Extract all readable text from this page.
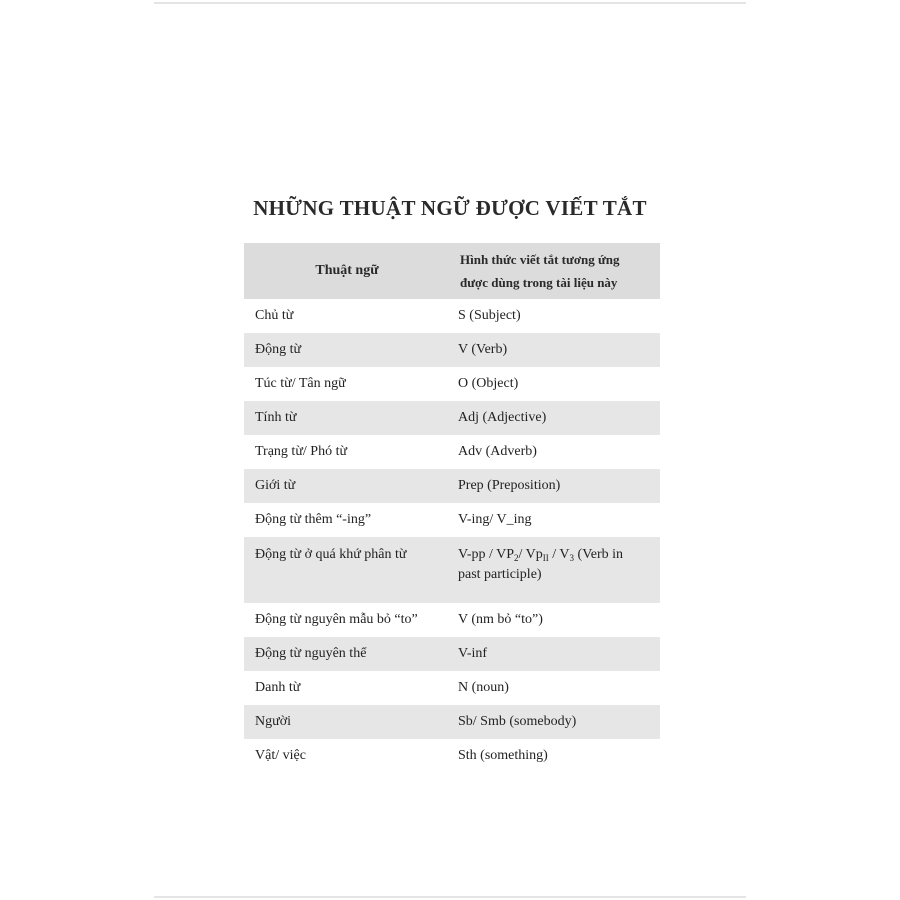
NHỮNG THUẬT NGỮ ĐƯỢC VIẾT TẮT
Thuật ngữ	Hình thức viết tắt tương ứng
được dùng trong tài liệu này
Chủ từ	S (Subject)
Động từ	V (Verb)
Túc từ/ Tân ngữ	O (Object)
Tính từ	Adj (Adjective)
Trạng từ/ Phó từ	Adv (Adverb)
Giới từ	Prep (Preposition)
Động từ thêm “-ing”	V-ing/ V_ing
Động từ ở quá khứ phân từ	$V-pp / VP_2/$ $Vp_{II} / V_3$ (Verb in
past participle)
Động từ nguyên mẫu bỏ “to”	V (nm bỏ “to”)
Động từ nguyên thể	V-inf
Danh từ	N (noun)
Người	Sb/ Smb (somebody)
Vật/ việc	Sth (something)
